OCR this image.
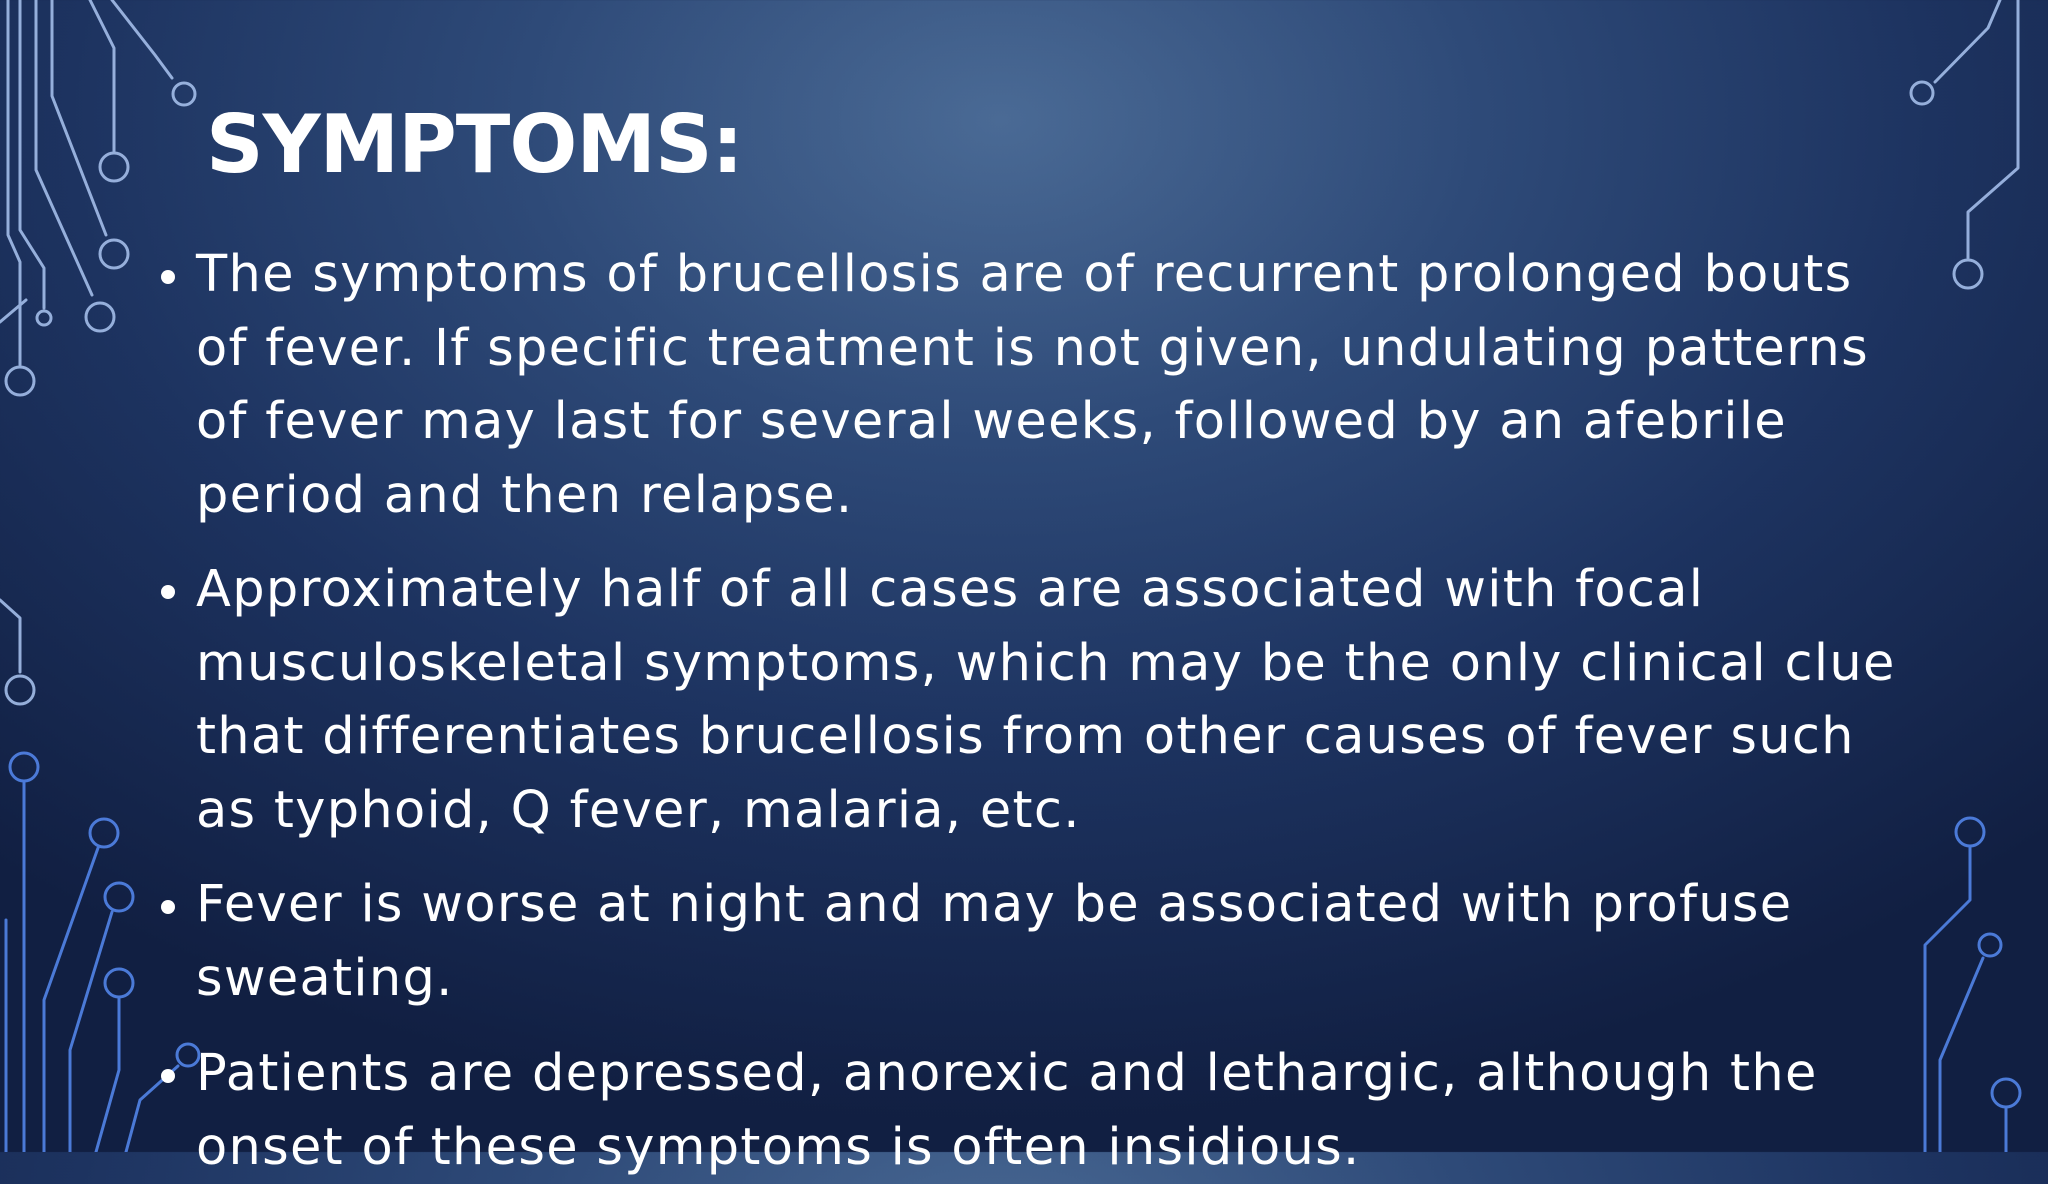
SYMPTOMS:
The symptoms of brucellosis are of recurrent prolonged bouts of fever. If specific treatment is not given, undulating patterns of fever may last for several weeks, followed by an afebrile period and then relapse.
Approximately half of all cases are associated with focal musculoskeletal symptoms, which may be the only clinical clue that differentiates brucellosis from other causes of fever such as typhoid, Q fever, malaria, etc.
Fever is worse at night and may be associated with profuse sweating.
Patients are depressed, anorexic and lethargic, although the onset of these symptoms is often insidious.
